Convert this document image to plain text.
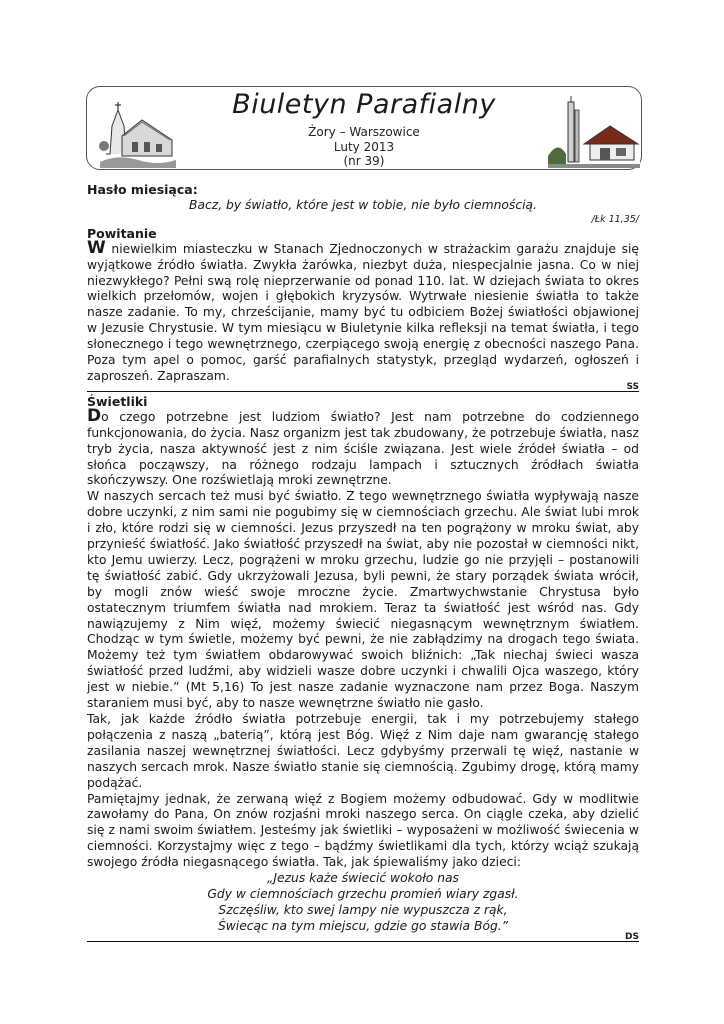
Biuletyn Parafialny
Żory – Warszowice
Luty 2013
(nr 39)

Hasło miesiąca:

Bacz, by światło, które jest w tobie, nie było ciemnością.

/Łk 11,35/

Powitanie

W niewielkim miasteczku w Stanach Zjednoczonych w strażackim garażu znajduje się wyjątkowe źródło światła. Zwykła żarówka, niezbyt duża, niespecjalnie jasna. Co w niej niezwykłego? Pełni swą rolę nieprzerwanie od ponad 110. lat. W dziejach świata to okres wielkich przełomów, wojen i głębokich kryzysów. Wytrwałe niesienie światła to także nasze zadanie. To my, chrześcijanie, mamy być tu odbiciem Bożej światłości objawionej w Jezusie Chrystusie. W tym miesiącu w Biuletynie kilka refleksji na temat światła, i tego słonecznego i tego wewnętrznego, czerpiącego swoją energię z obecności naszego Pana. Poza tym apel o pomoc, garść parafialnych statystyk, przegląd wydarzeń, ogłoszeń i zaproszeń. Zapraszam.

SS

Świetliki

Do czego potrzebne jest ludziom światło? Jest nam potrzebne do codziennego funkcjonowania, do życia. Nasz organizm jest tak zbudowany, że potrzebuje światła, nasz tryb życia, nasza aktywność jest z nim ściśle związana. Jest wiele źródeł światła – od słońca począwszy, na różnego rodzaju lampach i sztucznych źródłach światła skończywszy. One rozświetlają mroki zewnętrzne.

W naszych sercach też musi być światło. Z tego wewnętrznego światła wypływają nasze dobre uczynki, z nim sami nie pogubimy się w ciemnościach grzechu. Ale świat lubi mrok i zło, które rodzi się w ciemności. Jezus przyszedł na ten pogrążony w mroku świat, aby przynieść światłość. Jako światłość przyszedł na świat, aby nie pozostał w ciemności nikt, kto Jemu uwierzy. Lecz, pogrążeni w mroku grzechu, ludzie go nie przyjęli – postanowili tę światłość zabić. Gdy ukrzyżowali Jezusa, byli pewni, że stary porządek świata wrócił, by mogli znów wieść swoje mroczne życie. Zmartwychwstanie Chrystusa było ostatecznym triumfem światła nad mrokiem. Teraz ta światłość jest wśród nas. Gdy nawiązujemy z Nim więź, możemy świecić niegasnącym wewnętrznym światłem. Chodząc w tym świetle, możemy być pewni, że nie zabłądzimy na drogach tego świata. Możemy też tym światłem obdarowywać swoich bliźnich: „Tak niechaj świeci wasza światłość przed ludźmi, aby widzieli wasze dobre uczynki i chwalili Ojca waszego, który jest w niebie.” (Mt 5,16) To jest nasze zadanie wyznaczone nam przez Boga. Naszym staraniem musi być, aby to nasze wewnętrzne światło nie gasło.

Tak, jak każde źródło światła potrzebuje energii, tak i my potrzebujemy stałego połączenia z naszą „baterią”, którą jest Bóg. Więź z Nim daje nam gwarancję stałego zasilania naszej wewnętrznej światłości. Lecz gdybyśmy przerwali tę więź, nastanie w naszych sercach mrok. Nasze światło stanie się ciemnością. Zgubimy drogę, którą mamy podążać.

Pamiętajmy jednak, że zerwaną więź z Bogiem możemy odbudować. Gdy w modlitwie zawołamy do Pana, On znów rozjaśni mroki naszego serca. On ciągle czeka, aby dzielić się z nami swoim światłem. Jesteśmy jak świetliki – wyposażeni w możliwość świecenia w ciemności. Korzystajmy więc z tego – bądźmy świetlikami dla tych, którzy wciąż szukają swojego źródła niegasnącego światła. Tak, jak śpiewaliśmy jako dzieci:

„Jezus każe świecić wokoło nas

Gdy w ciemnościach grzechu promień wiary zgasł.

Szczęśliw, kto swej lampy nie wypuszcza z rąk,

Świecąc na tym miejscu, gdzie go stawia Bóg.”

DS
